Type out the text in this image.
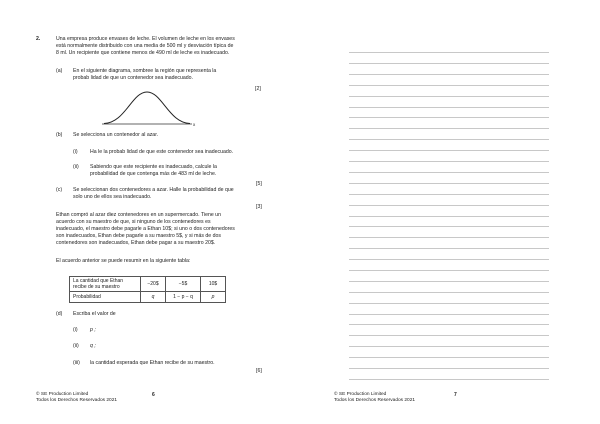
2.	Una empresa produce envases de leche. El volumen de leche en los envases
está normalmente distribuido con una media de 500 ml y desviación típica de
8 ml. Un recipiente que contiene menos de 490 ml de leche es inadecuado.
(a) En el siguiente diagrama, sombree la región que representa la
probab lidad de que un contenedor sea inadecuado.
[2]
x
(b) Se selecciona un contenedor al azar.
(i) Ha le la probab lidad de que este contenedor sea inadecuado.
(ii) Sabiendo que este recipiente es inadecuado, calcule la
probabilidad de que contenga más de 483 ml de leche.
[5]
(c) Se seleccionan dos contenedores a azar. Halle la probabilidad de que
solo uno de ellos sea inadecuado.
[3]
Ethan compró al azar diez contenedores en un supermercado. Tiene un
acuerdo con su maestro de que, si ninguno de los contenedores es
inadecuado, el maestro debe pagarle a Ethan 10$; si uno o dos contenedores
son inadecuados, Ethan debe pagarle a su maestro 5$, y si más de dos
contenedores son inadecuados, Ethan debe pagar a su maestro 20$.
El acuerdo anterior se puede resumir en la siguiente tabla:
La cantidad que Ethan
recibe de su maestro	−20$	−5$	10$
Probabilidad	q	1 − p − q	p
(d) Escriba el valor de
(i) p ;
(ii) q ;
(iii) la cantidad esperada que Ethan recibe de su maestro.
[6]
© SE Production Limited
Todos los Derechos Reservados 2021
6	© SE Production Limited
Todos los Derechos Reservados 2021
7
